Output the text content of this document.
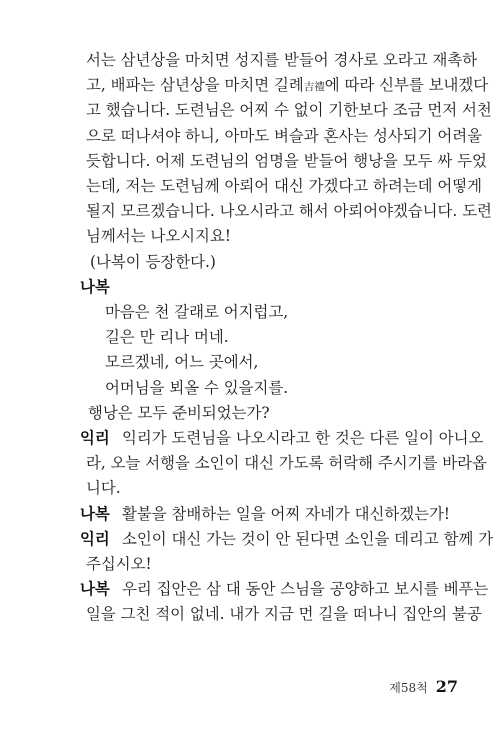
서는 삼년상을 마치면 성지를 받들어 경사로 오라고 재촉하
고, 배파는 삼년상을 마치면 길례吉禮에 따라 신부를 보내겠다
고 했습니다. 도련님은 어찌 수 없이 기한보다 조금 먼저 서천
으로 떠나셔야 하니, 아마도 벼슬과 혼사는 성사되기 어려울
듯합니다. 어제 도련님의 엄명을 받들어 행낭을 모두 싸 두었
는데, 저는 도련님께 아뢰어 대신 가겠다고 하려는데 어떻게
될지 모르겠습니다. 나오시라고 해서 아뢰어야겠습니다. 도련
님께서는 나오시지요!
(나복이 등장한다.)
나복
마음은 천 갈래로 어지럽고,
길은 만 리나 머네.
모르겠네, 어느 곳에서,
어머님을 뵈올 수 있을지를.
행낭은 모두 준비되었는가?
익리 익리가 도련님을 나오시라고 한 것은 다른 일이 아니오
라, 오늘 서행을 소인이 대신 가도록 허락해 주시기를 바라옵
니다.
나복 활불을 참배하는 일을 어찌 자네가 대신하겠는가!
익리 소인이 대신 가는 것이 안 된다면 소인을 데리고 함께 가
주십시오!
나복 우리 집안은 삼 대 동안 스님을 공양하고 보시를 베푸는
일을 그친 적이 없네. 내가 지금 먼 길을 떠나니 집안의 불공
제58척 27
